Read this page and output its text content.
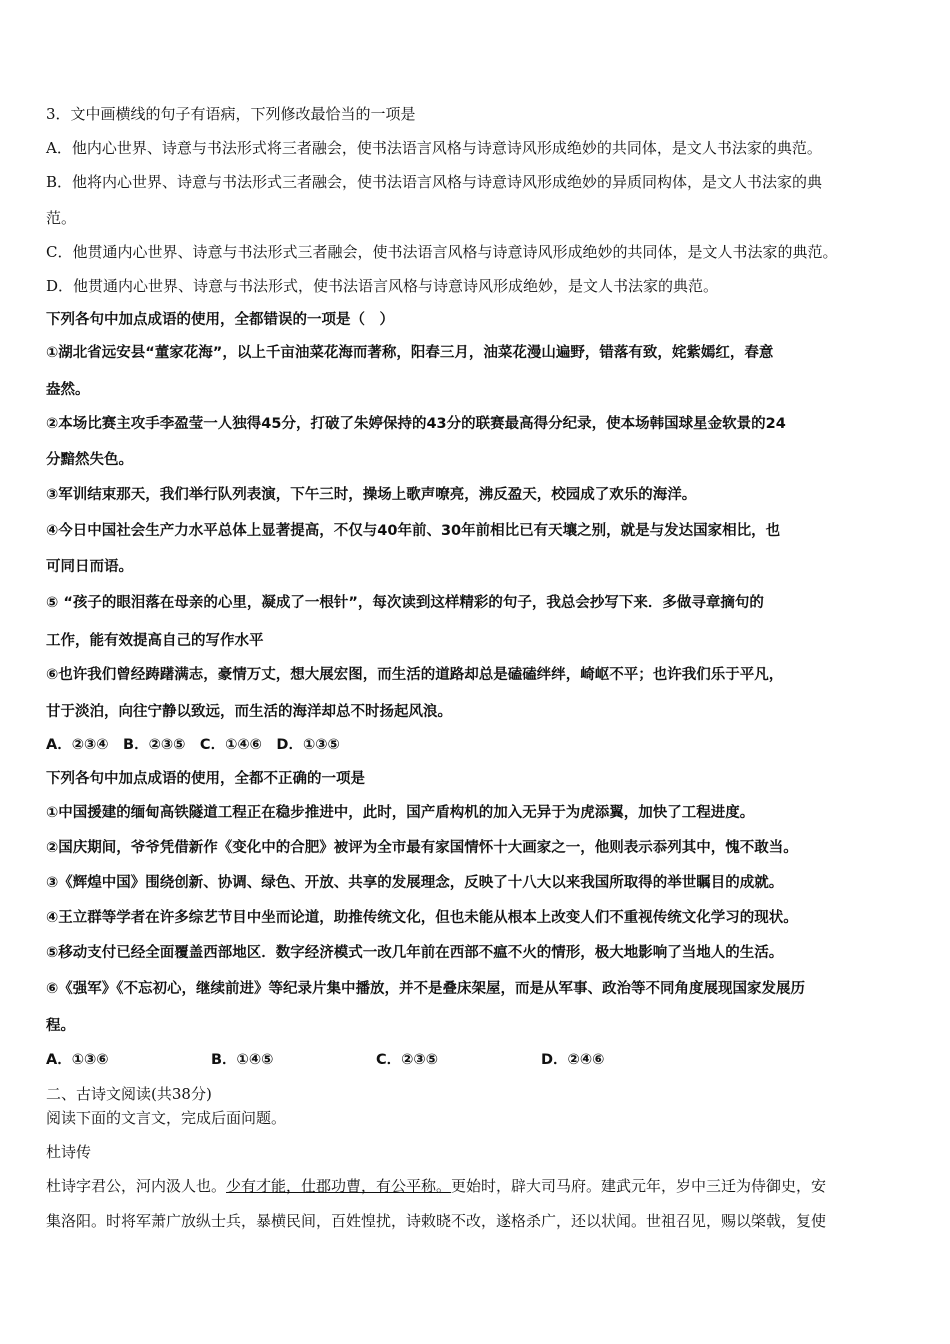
3．文中画横线的句子有语病，下列修改最恰当的一项是
A．他内心世界、诗意与书法形式将三者融会，使书法语言风格与诗意诗风形成绝妙的共同体，是文人书法家的典范。
B．他将内心世界、诗意与书法形式三者融会，使书法语言风格与诗意诗风形成绝妙的异质同构体，是文人书法家的典
范。
C．他贯通内心世界、诗意与书法形式三者融会，使书法语言风格与诗意诗风形成绝妙的共同体，是文人书法家的典范。
D．他贯通内心世界、诗意与书法形式，使书法语言风格与诗意诗风形成绝妙，是文人书法家的典范。
下列各句中加点成语的使用，全都错误的一项是（　）
①湖北省远安县“董家花海”，以上千亩油菜花海而著称，阳春三月，油菜花漫山遍野，错落有致，姹紫嫣红，春意
盎然。
②本场比赛主攻手李盈莹一人独得45分，打破了朱婷保持的43分的联赛最高得分纪录，使本场韩国球星金软景的24
分黯然失色。
③军训结束那天，我们举行队列表演，下午三时，操场上歌声嘹亮，沸反盈天，校园成了欢乐的海洋。
④今日中国社会生产力水平总体上显著提高，不仅与40年前、30年前相比已有天壤之别，就是与发达国家相比，也
可同日而语。
⑤ “孩子的眼泪落在母亲的心里，凝成了一根针”，每次读到这样精彩的句子，我总会抄写下来．多做寻章摘句的
工作，能有效提高自己的写作水平
⑥也许我们曾经踌躇满志，豪情万丈，想大展宏图，而生活的道路却总是磕磕绊绊，崎岖不平；也许我们乐于平凡，
甘于淡泊，向往宁静以致远，而生活的海洋却总不时扬起风浪。
A．②③④　B．②③⑤　C．①④⑥　D．①③⑤
下列各句中加点成语的使用，全都不正确的一项是
①中国援建的缅甸高铁隧道工程正在稳步推进中，此时，国产盾构机的加入无异于为虎添翼，加快了工程进度。
②国庆期间，爷爷凭借新作《变化中的合肥》被评为全市最有家国情怀十大画家之一，他则表示忝列其中，愧不敢当。
③《辉煌中国》围绕创新、协调、绿色、开放、共享的发展理念，反映了十八大以来我国所取得的举世瞩目的成就。
④王立群等学者在许多综艺节目中坐而论道，助推传统文化，但也未能从根本上改变人们不重视传统文化学习的现状。
⑤移动支付已经全面覆盖西部地区．数字经济模式一改几年前在西部不瘟不火的情形，极大地影响了当地人的生活。
⑥《强军》《不忘初心，继续前进》等纪录片集中播放，并不是叠床架屋，而是从军事、政治等不同角度展现国家发展历
程。
A．①③⑥	B．①④⑤	C．②③⑤	D．②④⑥
二、古诗文阅读(共38分)
阅读下面的文言文，完成后面问题。
杜诗传
杜诗字君公，河内汲人也。少有才能，仕郡功曹，有公平称。更始时，辟大司马府。建武元年，岁中三迁为侍御史，安
集洛阳。时将军萧广放纵士兵，暴横民间，百姓惶扰，诗敕晓不改，遂格杀广，还以状闻。世祖召见，赐以棨戟，复使
